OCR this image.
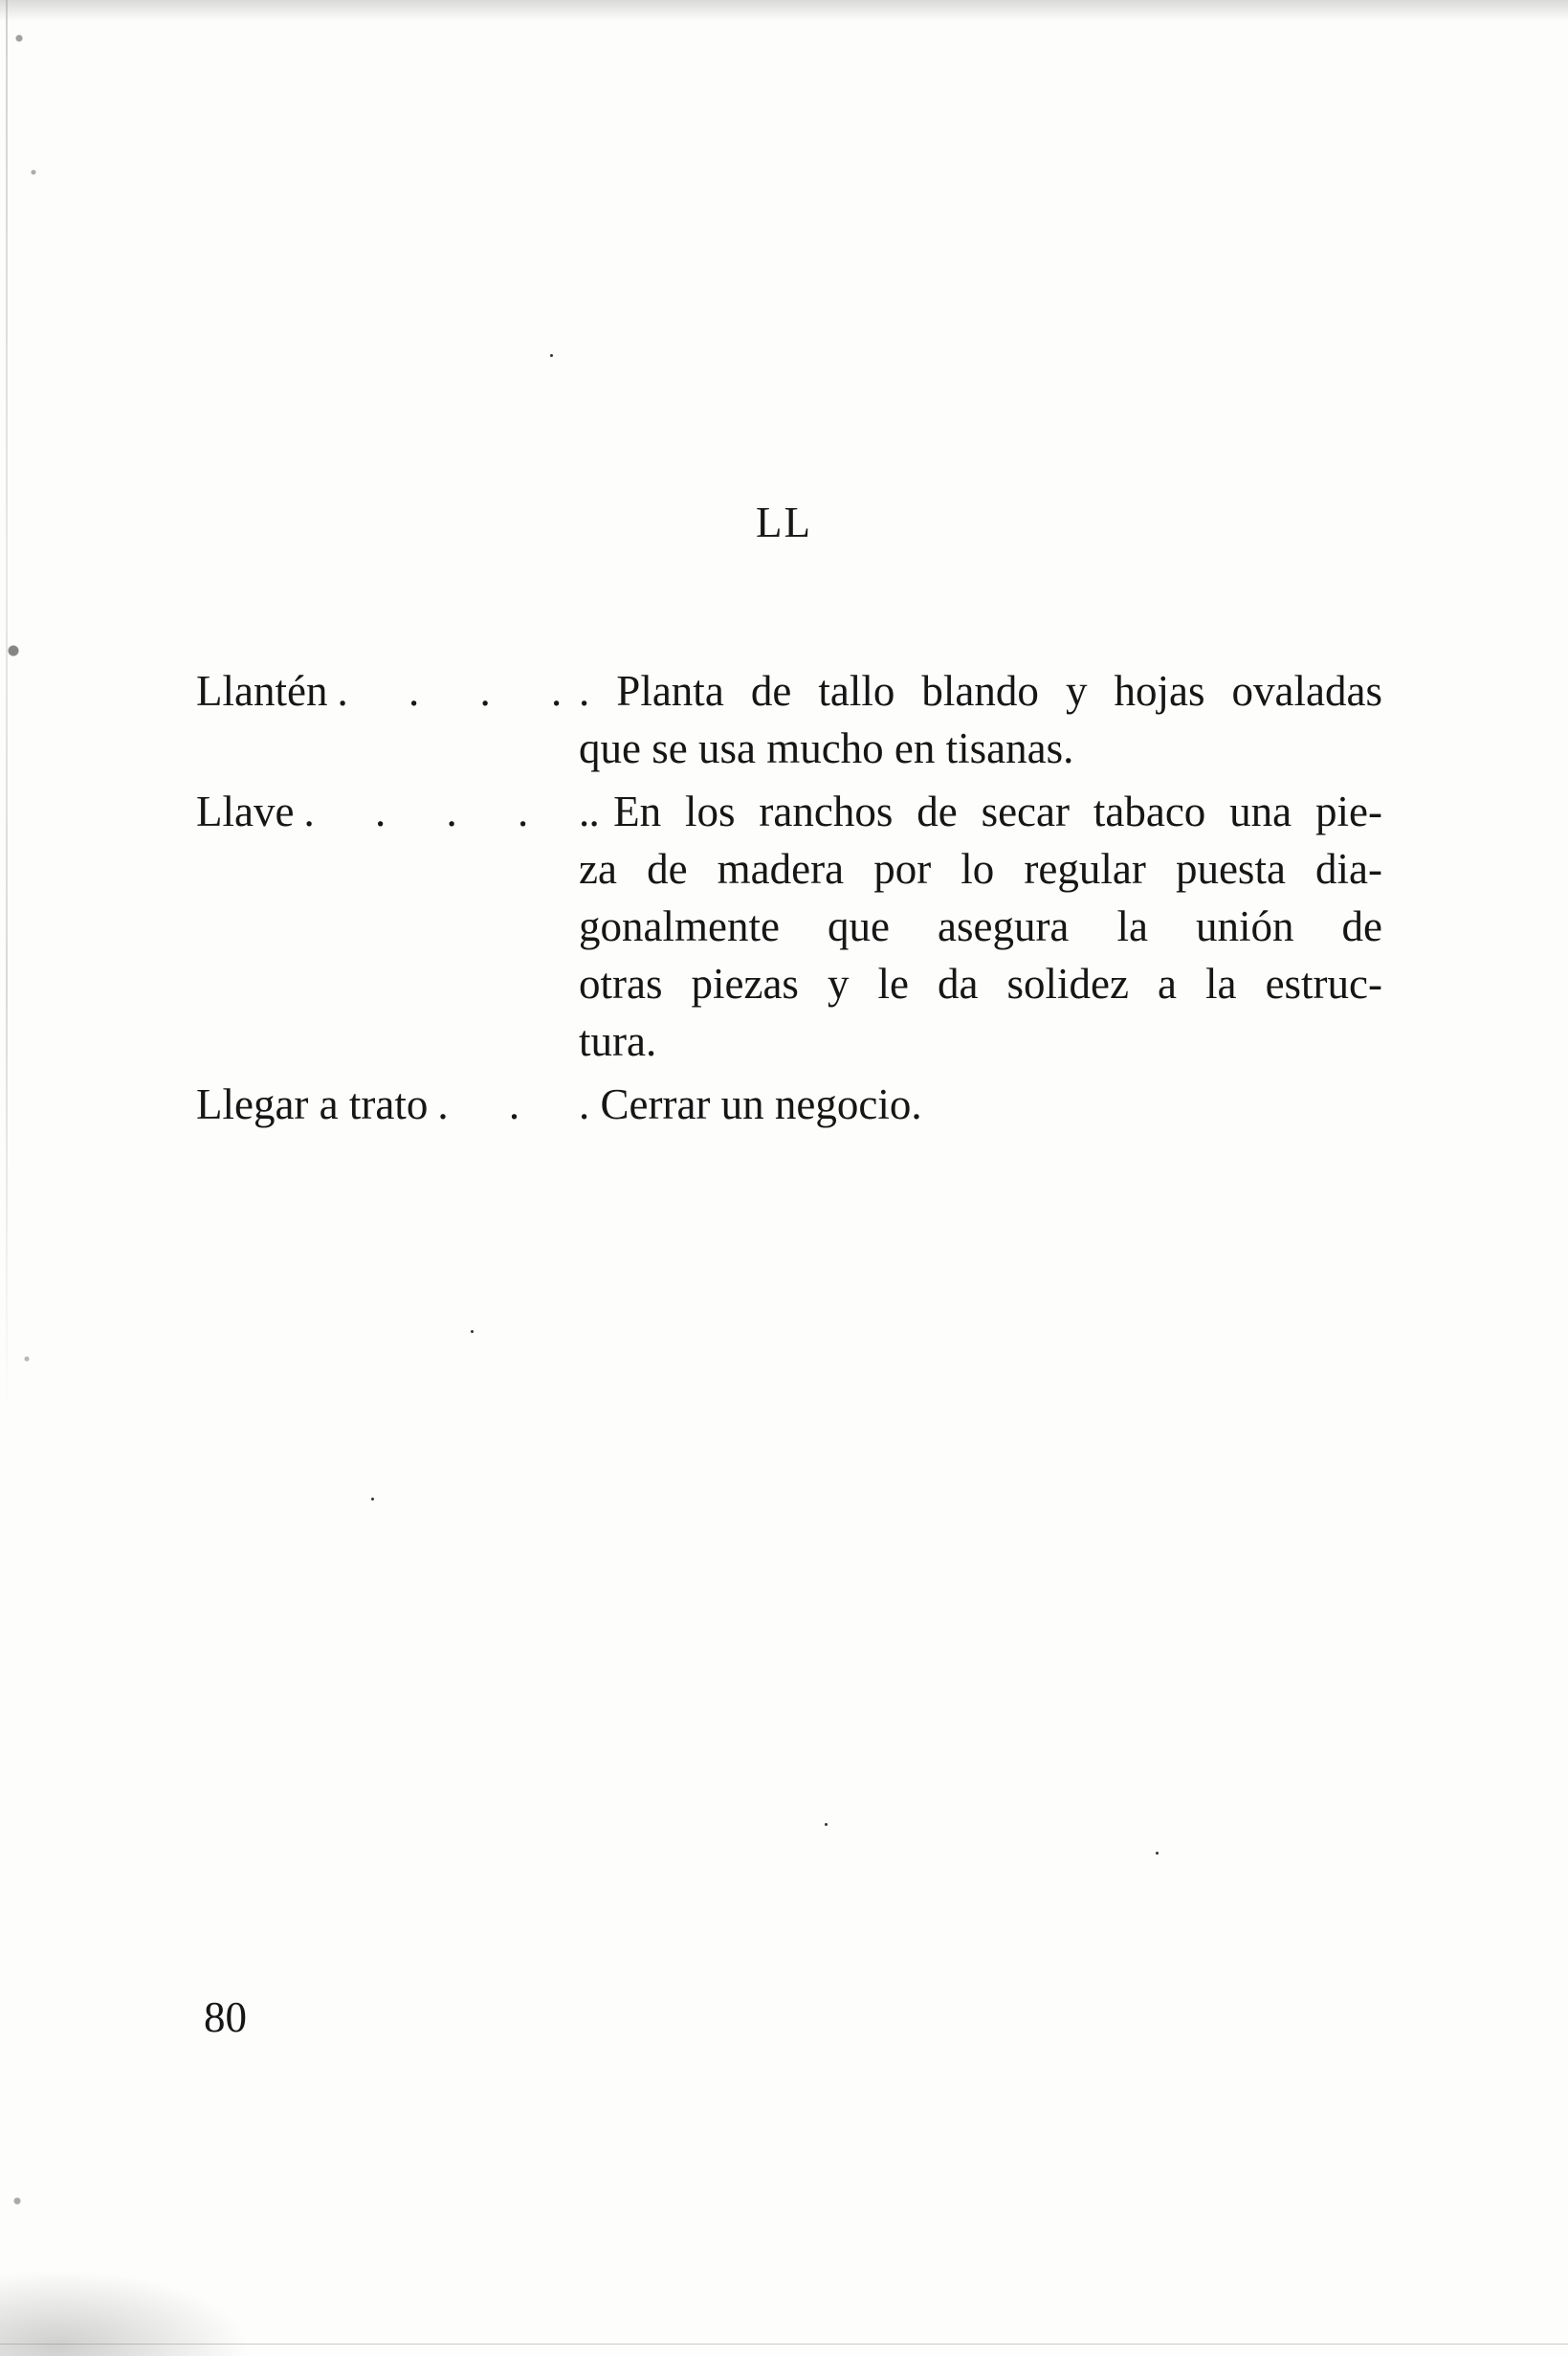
LL
Llantén . . . .
. Planta de tallo blando y hojas ovaladas
que se usa mucho en tisanas.
Llave . . . . .
. En los ranchos de secar tabaco una pie-
za de madera por lo regular puesta dia-
gonalmente que asegura la unión de
otras piezas y le da solidez a la estruc-
tura.
Llegar a trato . . . Cerrar un negocio.
80
